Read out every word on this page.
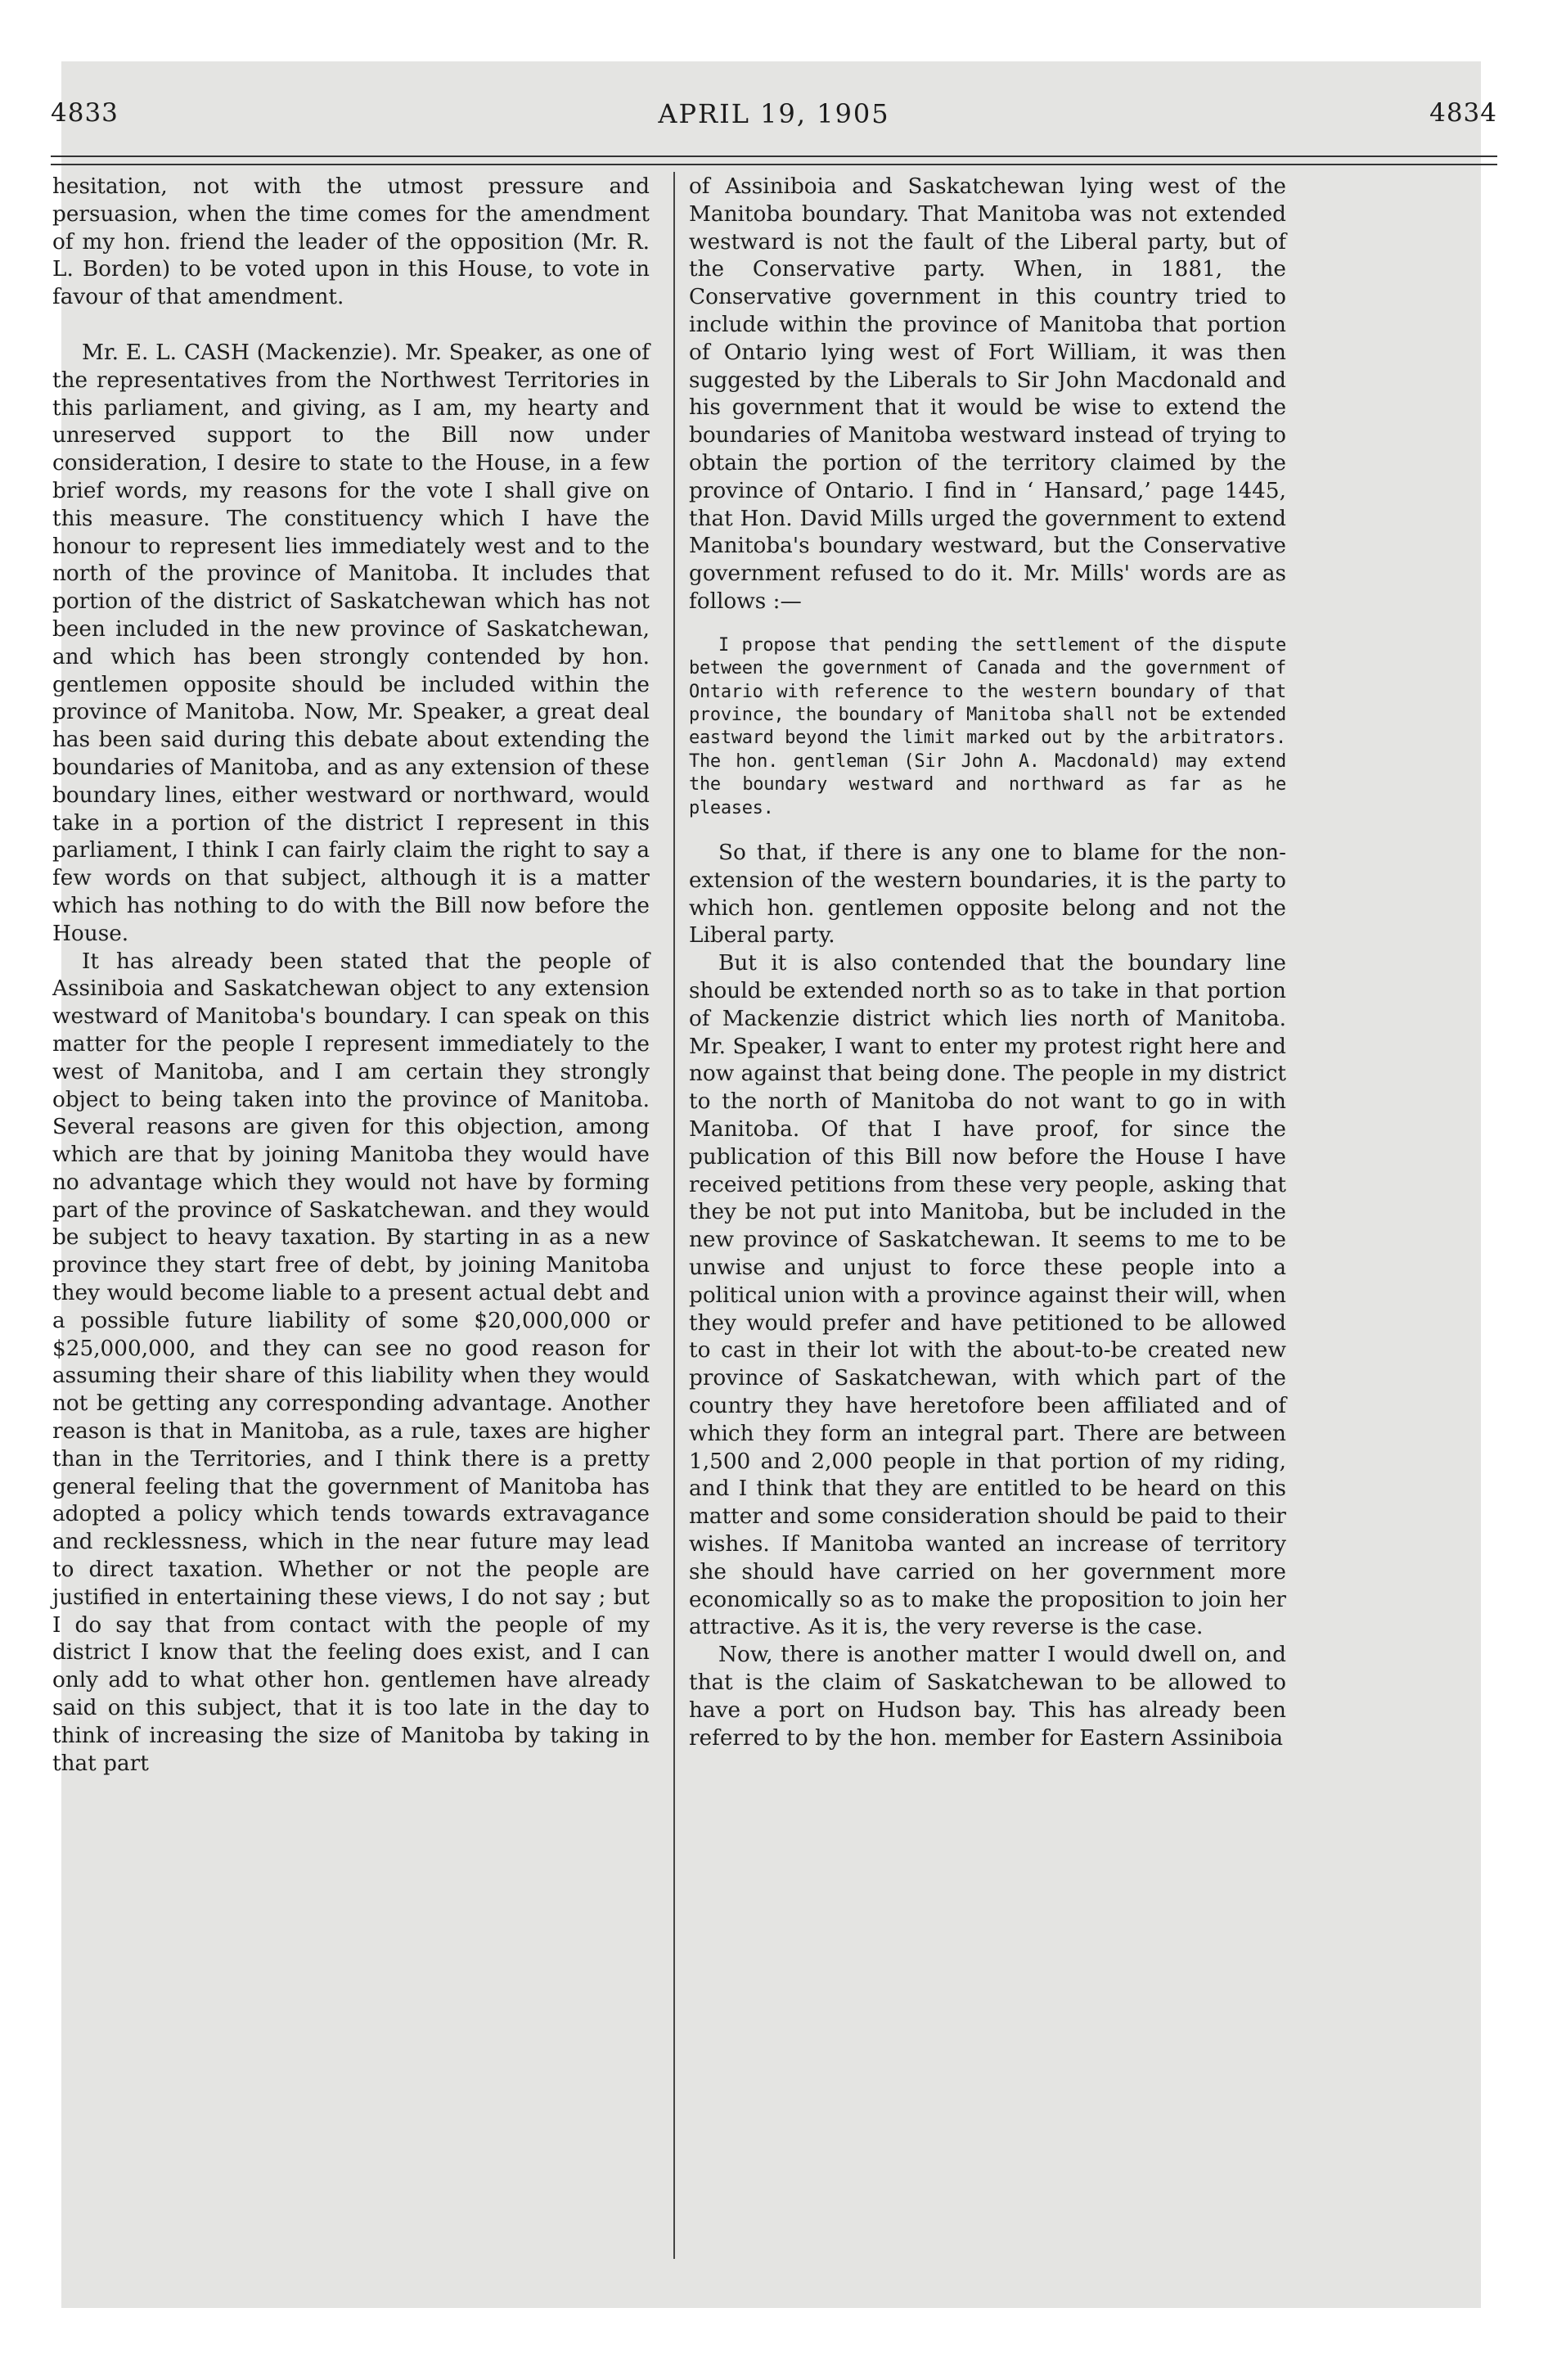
4833	APRIL 19, 1905	4834

hesitation, not with the utmost pressure and persuasion, when the time comes for the amendment of my hon. friend the leader of the opposition (Mr. R. L. Borden) to be voted upon in this House, to vote in favour of that amendment.

Mr. E. L. CASH (Mackenzie). Mr. Speaker, as one of the representatives from the Northwest Territories in this parliament, and giving, as I am, my hearty and unreserved support to the Bill now under consideration, I desire to state to the House, in a few brief words, my reasons for the vote I shall give on this measure. The constituency which I have the honour to represent lies immediately west and to the north of the province of Manitoba. It includes that portion of the district of Saskatchewan which has not been included in the new province of Saskatchewan, and which has been strongly contended by hon. gentlemen opposite should be included within the province of Manitoba. Now, Mr. Speaker, a great deal has been said during this debate about extending the boundaries of Manitoba, and as any extension of these boundary lines, either westward or northward, would take in a portion of the district I represent in this parliament, I think I can fairly claim the right to say a few words on that subject, although it is a matter which has nothing to do with the Bill now before the House.

It has already been stated that the people of Assiniboia and Saskatchewan object to any extension westward of Manitoba's boundary. I can speak on this matter for the people I represent immediately to the west of Manitoba, and I am certain they strongly object to being taken into the province of Manitoba. Several reasons are given for this objection, among which are that by joining Manitoba they would have no advantage which they would not have by forming part of the province of Saskatchewan. and they would be subject to heavy taxation. By starting in as a new province they start free of debt, by joining Manitoba they would become liable to a present actual debt and a possible future liability of some $20,000,000 or $25,000,000, and they can see no good reason for assuming their share of this liability when they would not be getting any corresponding advantage. Another reason is that in Manitoba, as a rule, taxes are higher than in the Territories, and I think there is a pretty general feeling that the government of Manitoba has adopted a policy which tends towards extravagance and recklessness, which in the near future may lead to direct taxation. Whether or not the people are justified in entertaining these views, I do not say ; but I do say that from contact with the people of my district I know that the feeling does exist, and I can only add to what other hon. gentlemen have already said on this subject, that it is too late in the day to think of increasing the size of Manitoba by taking in that part

of Assiniboia and Saskatchewan lying west of the Manitoba boundary. That Manitoba was not extended westward is not the fault of the Liberal party, but of the Conservative party. When, in 1881, the Conservative government in this country tried to include within the province of Manitoba that portion of Ontario lying west of Fort William, it was then suggested by the Liberals to Sir John Macdonald and his government that it would be wise to extend the boundaries of Manitoba westward instead of trying to obtain the portion of the territory claimed by the province of Ontario. I find in ‘ Hansard,’ page 1445, that Hon. David Mills urged the government to extend Manitoba's boundary westward, but the Conservative government refused to do it. Mr. Mills' words are as follows :—

I propose that pending the settlement of the dispute between the government of Canada and the government of Ontario with reference to the western boundary of that province, the boundary of Manitoba shall not be extended eastward beyond the limit marked out by the arbitrators. The hon. gentleman (Sir John A. Macdonald) may extend the boundary westward and northward as far as he pleases.

So that, if there is any one to blame for the non-extension of the western boundaries, it is the party to which hon. gentlemen opposite belong and not the Liberal party.

But it is also contended that the boundary line should be extended north so as to take in that portion of Mackenzie district which lies north of Manitoba. Mr. Speaker, I want to enter my protest right here and now against that being done. The people in my district to the north of Manitoba do not want to go in with Manitoba. Of that I have proof, for since the publication of this Bill now before the House I have received petitions from these very people, asking that they be not put into Manitoba, but be included in the new province of Saskatchewan. It seems to me to be unwise and unjust to force these people into a political union with a province against their will, when they would prefer and have petitioned to be allowed to cast in their lot with the about-to-be created new province of Saskatchewan, with which part of the country they have heretofore been affiliated and of which they form an integral part. There are between 1,500 and 2,000 people in that portion of my riding, and I think that they are entitled to be heard on this matter and some consideration should be paid to their wishes. If Manitoba wanted an increase of territory she should have carried on her government more economically so as to make the proposition to join her attractive. As it is, the very reverse is the case.

Now, there is another matter I would dwell on, and that is the claim of Saskatchewan to be allowed to have a port on Hudson bay. This has already been referred to by the hon. member for Eastern Assiniboia
